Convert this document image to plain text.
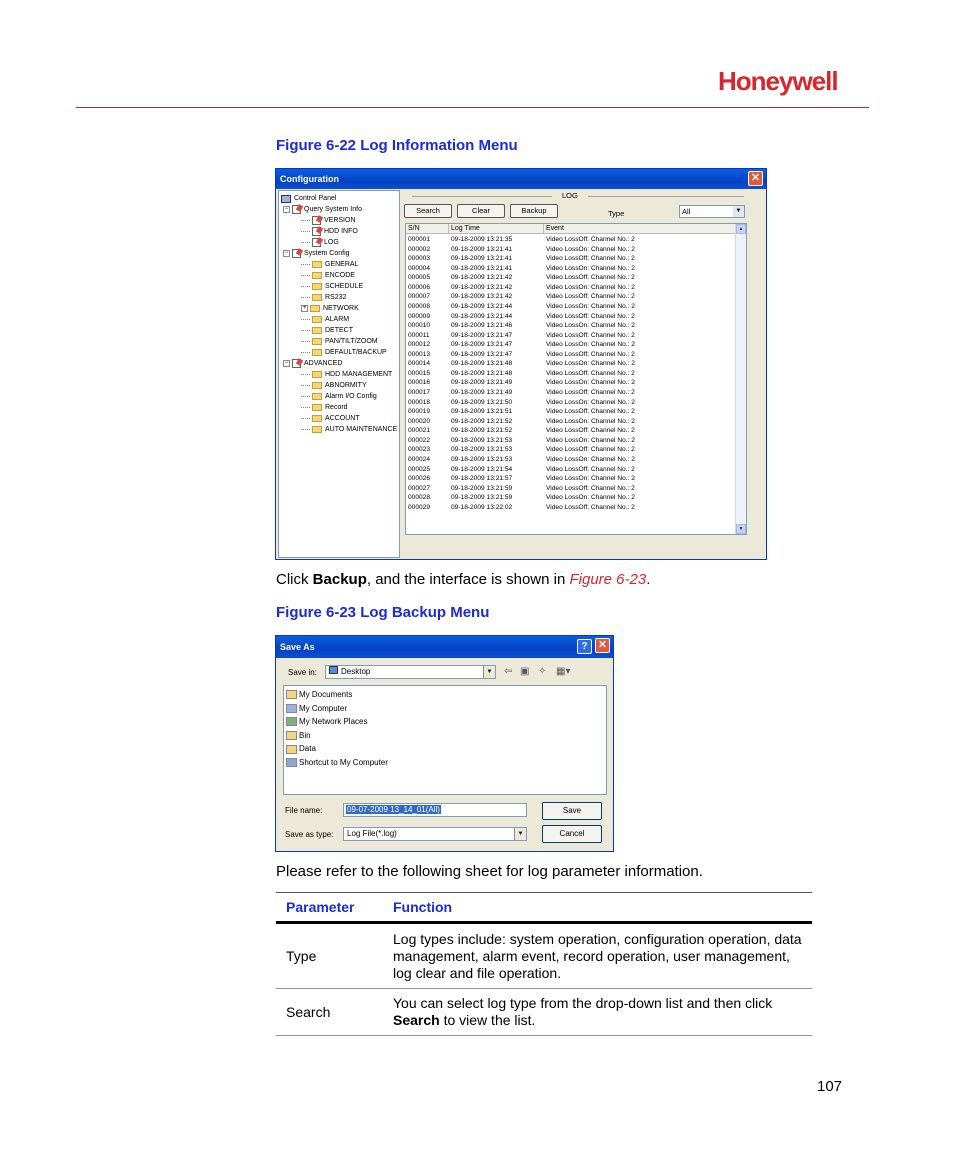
Honeywell
Figure 6-22 Log Information Menu
Configuration	✕
Control Panel
− Query System Info
VERSION
HDD INFO
LOG
− System Config
GENERAL
ENCODE
SCHEDULE
RS232
+ NETWORK
ALARM
DETECT
PAN/TILT/ZOOM
DEFAULT/BACKUP
− ADVANCED
HDD MANAGEMENT
ABNORMITY
Alarm I/O Config
Record
ACCOUNT
AUTO MAINTENANCE
LOG
Search	Clear	Backup	Type	All	▼
S/N	Log Time	Event
000001	09-18-2009 13:21:35	Video LossOff: Channel No.: 2
000002	09-18-2009 13:21:41	Video LossOn: Channel No.: 2
000003	09-18-2009 13:21:41	Video LossOff: Channel No.: 2
000004	09-18-2009 13:21:41	Video LossOn: Channel No.: 2
000005	09-18-2009 13:21:42	Video LossOff: Channel No.: 2
000006	09-18-2009 13:21:42	Video LossOn: Channel No.: 2
000007	09-18-2009 13:21:42	Video LossOff: Channel No.: 2
000008	09-18-2009 13:21:44	Video LossOn: Channel No.: 2
000009	09-18-2009 13:21:44	Video LossOff: Channel No.: 2
000010	09-18-2009 13:21:46	Video LossOn: Channel No.: 2
000011	09-18-2009 13:21:47	Video LossOff: Channel No.: 2
000012	09-18-2009 13:21:47	Video LossOn: Channel No.: 2
000013	09-18-2009 13:21:47	Video LossOff: Channel No.: 2
000014	09-18-2009 13:21:48	Video LossOn: Channel No.: 2
000015	09-18-2009 13:21:48	Video LossOff: Channel No.: 2
000016	09-18-2009 13:21:49	Video LossOn: Channel No.: 2
000017	09-18-2009 13:21:49	Video LossOff: Channel No.: 2
000018	09-18-2009 13:21:50	Video LossOn: Channel No.: 2
000019	09-18-2009 13:21:51	Video LossOff: Channel No.: 2
000020	09-18-2009 13:21:52	Video LossOn: Channel No.: 2
000021	09-18-2009 13:21:52	Video LossOff: Channel No.: 2
000022	09-18-2009 13:21:53	Video LossOn: Channel No.: 2
000023	09-18-2009 13:21:53	Video LossOff: Channel No.: 2
000024	09-18-2009 13:21:53	Video LossOn: Channel No.: 2
000025	09-18-2009 13:21:54	Video LossOff: Channel No.: 2
000026	09-18-2009 13:21:57	Video LossOn: Channel No.: 2
000027	09-18-2009 13:21:59	Video LossOff: Channel No.: 2
000028	09-18-2009 13:21:59	Video LossOn: Channel No.: 2
000029	09-18-2009 13:22:02	Video LossOff: Channel No.: 2
▲
▼
Click Backup, and the interface is shown in Figure 6-23.
Figure 6-23 Log Backup Menu
Save As	? ✕
Save in:	Desktop	▼ ⇦ ▣ ✧ ▦▾
My Documents
My Computer
My Network Places
Bin
Data
Shortcut to My Computer
File name:	09-07-2009 13_14_01(All)
Save as type:	Log File(*.log)	▼
Save
Cancel
Please refer to the following sheet for log parameter information.
Parameter	Function
Type	Log types include: system operation, configuration operation, data management, alarm event, record operation, user management, log clear and file operation.
Search	You can select log type from the drop-down list and then click Search to view the list.
107
